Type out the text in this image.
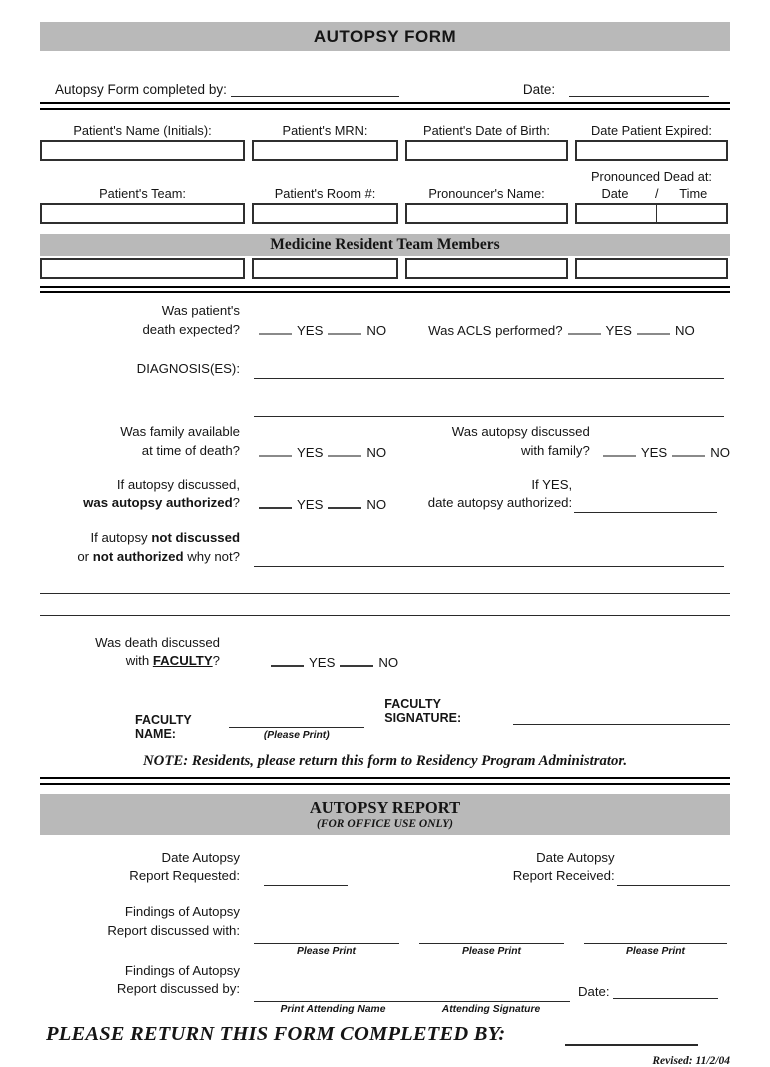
AUTOPSY FORM
Autopsy Form completed by:	Date:
Patient's Name (Initials):	Patient's MRN:	Patient's Date of Birth:	Date Patient Expired:
Patient's Team:	Patient's Room #:	Pronouncer's Name:
Pronounced Dead at:
Date	/	Time
Medicine Resident Team Members
Was patient's
death expected?	YES	NO	Was ACLS performed?	YES	NO
DIAGNOSIS(ES):
Was family available
at time of death?	YES	NO
Was autopsy discussed
with family?	YES	NO
If autopsy discussed,
was autopsy authorized?	YES	NO
If YES,
date autopsy authorized:
If autopsy not discussed
or not authorized why not?
Was death discussed
with FACULTY?	YES	NO
FACULTY NAME:	(Please Print)
FACULTY SIGNATURE:
NOTE: Residents, please return this form to Residency Program Administrator.
AUTOPSY REPORT
(FOR OFFICE USE ONLY)
Date Autopsy
Report Requested:
Date Autopsy
Report Received:
Findings of Autopsy
Report discussed with:
Please Print	Please Print	Please Print
Findings of Autopsy
Report discussed by:
Print Attending Name	Attending Signature
Date:
PLEASE RETURN THIS FORM COMPLETED BY:
Revised: 11/2/04
